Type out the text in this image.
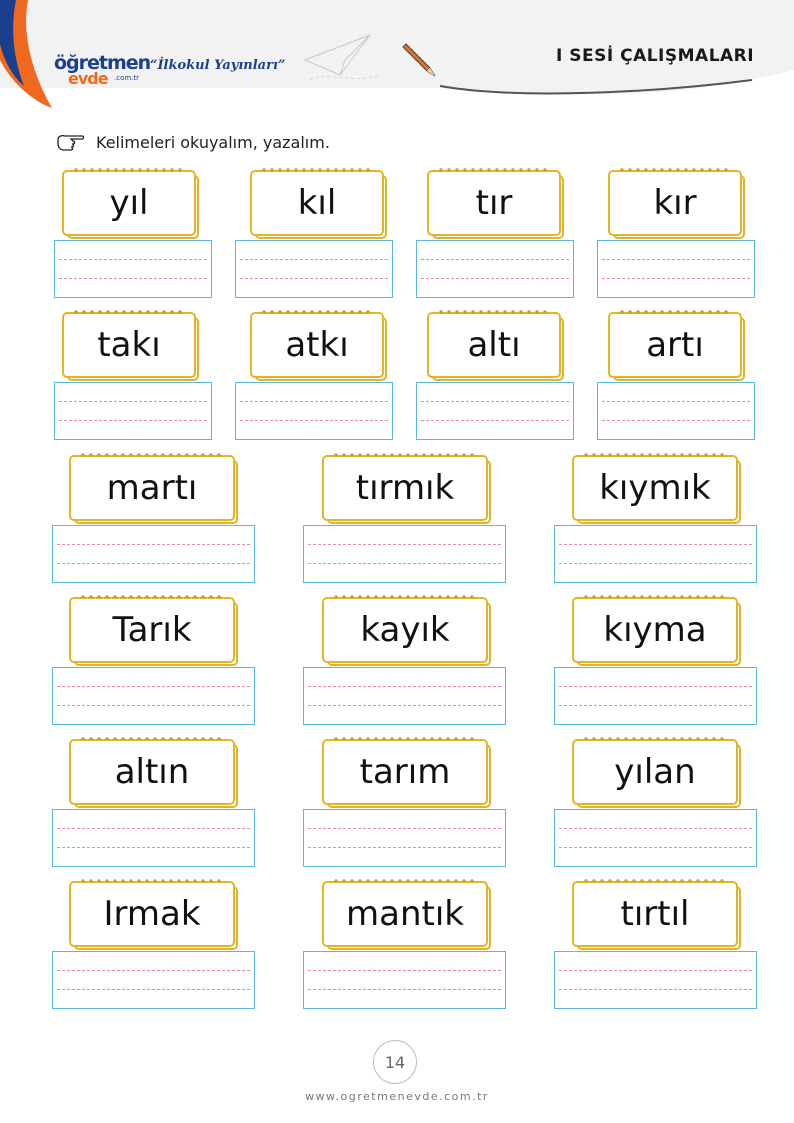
öğretmen
evde .com.tr
“İlkokul Yayınları”	I SESİ ÇALIŞMALARI
Kelimeleri okuyalım, yazalım.
yıl	kıl	tır	kır
takı	atkı	altı	artı
martı	tırmık	kıymık
Tarık	kayık	kıyma
altın	tarım	yılan
Irmak	mantık	tırtıl
14
www.ogretmenevde.com.tr
